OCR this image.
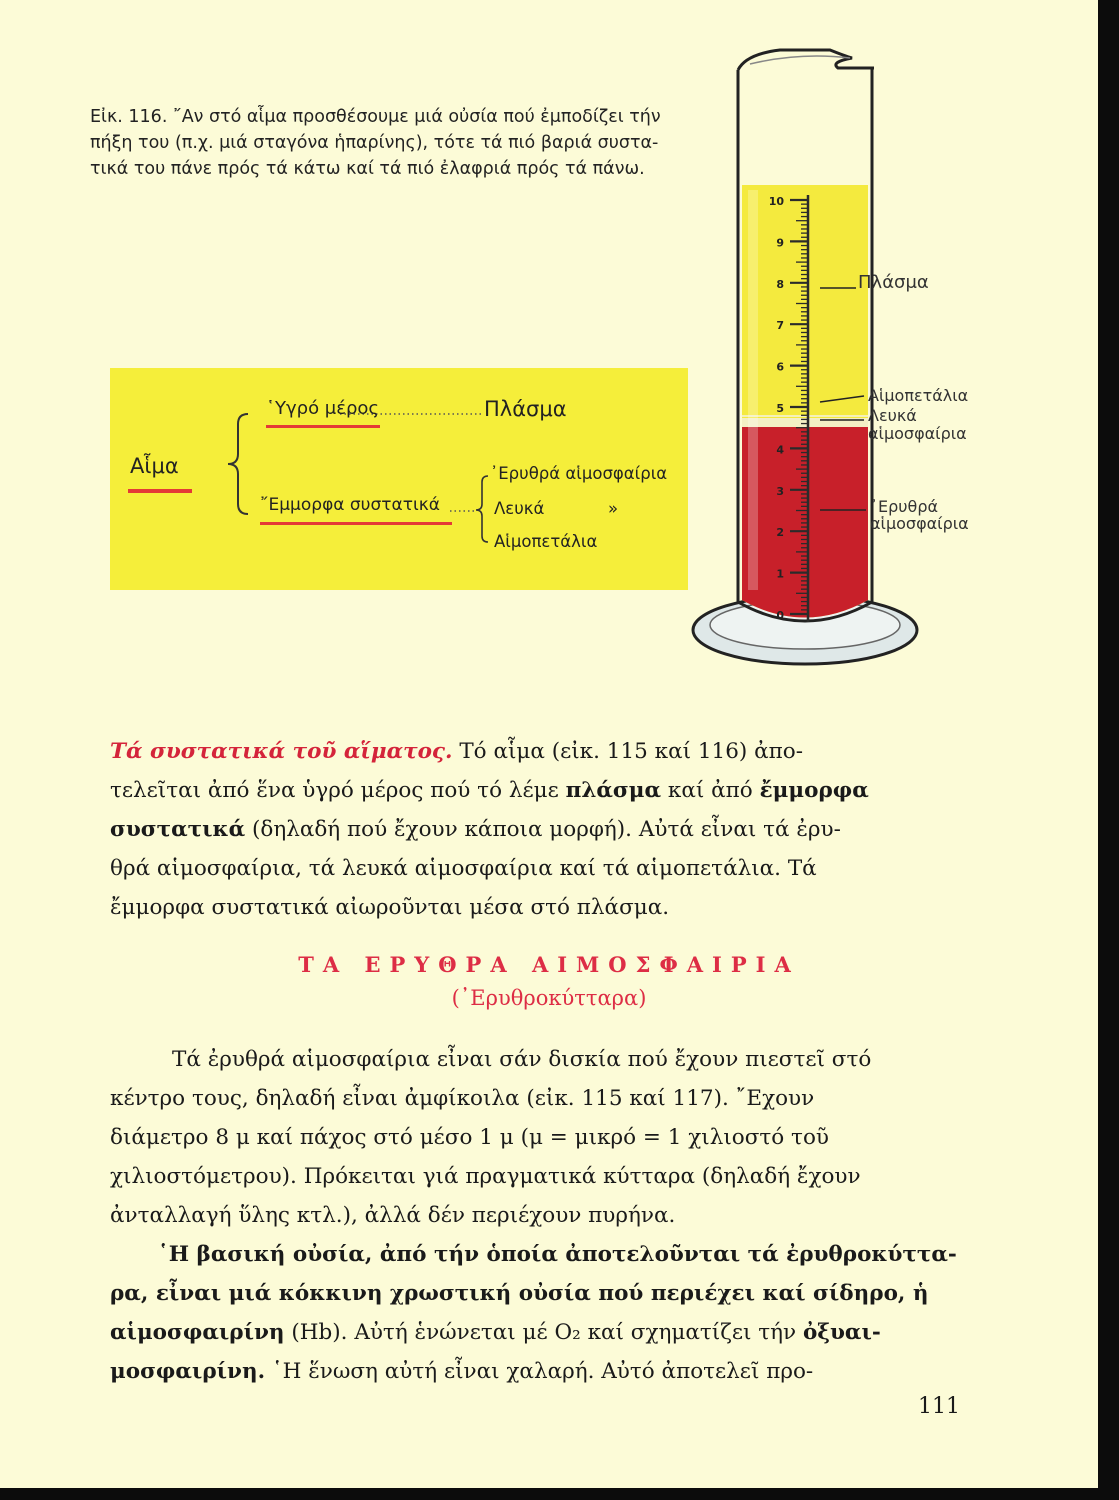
Εἰκ. 116. ῎Αν στό αἷμα προσθέσουμε μιά οὐσία πού ἐμποδίζει τήν
πήξη του (π.χ. μιά σταγόνα ἡπαρίνης), τότε τά πιό βαριά συστα-
τικά του πάνε πρός τά κάτω καί τά πιό ἐλαφριά πρός τά πάνω.
Αἷμα
῾Υγρό μέρος	Πλάσμα
῎Εμμορφα συστατικά
᾽Ερυθρά αἱμοσφαίρια
Λευκά	»
Αἱμοπετάλια
10
9
8
7
6
5
4
3
2
1
0
Πλάσμα
Αἱμοπετάλια
Λευκά
αἱμοσφαίρια
᾽Ερυθρά
αἱμοσφαίρια
Τά συστατικά τοῦ αἵματος. Τό αἷμα (εἰκ. 115 καί 116) ἀπο-
τελεῖται ἀπό ἕνα ὑγρό μέρος πού τό λέμε πλάσμα καί ἀπό ἔμμορφα
συστατικά (δηλαδή πού ἔχουν κάποια μορφή). Αὐτά εἶναι τά ἐρυ-
θρά αἱμοσφαίρια, τά λευκά αἱμοσφαίρια καί τά αἱμοπετάλια. Τά
ἔμμορφα συστατικά αἰωροῦνται μέσα στό πλάσμα.
ΤΑ ΕΡΥΘΡΑ ΑΙΜΟΣΦΑΙΡΙΑ
(᾽Ερυθροκύτταρα)
Τά ἐρυθρά αἱμοσφαίρια εἶναι σάν δισκία πού ἔχουν πιεστεῖ στό
κέντρο τους, δηλαδή εἶναι ἀμφίκοιλα (εἰκ. 115 καί 117). ῎Εχουν
διάμετρο 8 μ καί πάχος στό μέσο 1 μ (μ = μικρό = 1 χιλιοστό τοῦ
χιλιοστόμετρου). Πρόκειται γιά πραγματικά κύτταρα (δηλαδή ἔχουν
ἀνταλλαγή ὕλης κτλ.), ἀλλά δέν περιέχουν πυρήνα.
῾Η βασική οὐσία, ἀπό τήν ὁποία ἀποτελοῦνται τά ἐρυθροκύττα-
ρα, εἶναι μιά κόκκινη χρωστική οὐσία πού περιέχει καί σίδηρο, ἡ
αἱμοσφαιρίνη (Hb). Αὐτή ἑνώνεται μέ O₂ καί σχηματίζει τήν ὀξυαι-
μοσφαιρίνη. ῾Η ἕνωση αὐτή εἶναι χαλαρή. Αὐτό ἀποτελεῖ προ-
111
